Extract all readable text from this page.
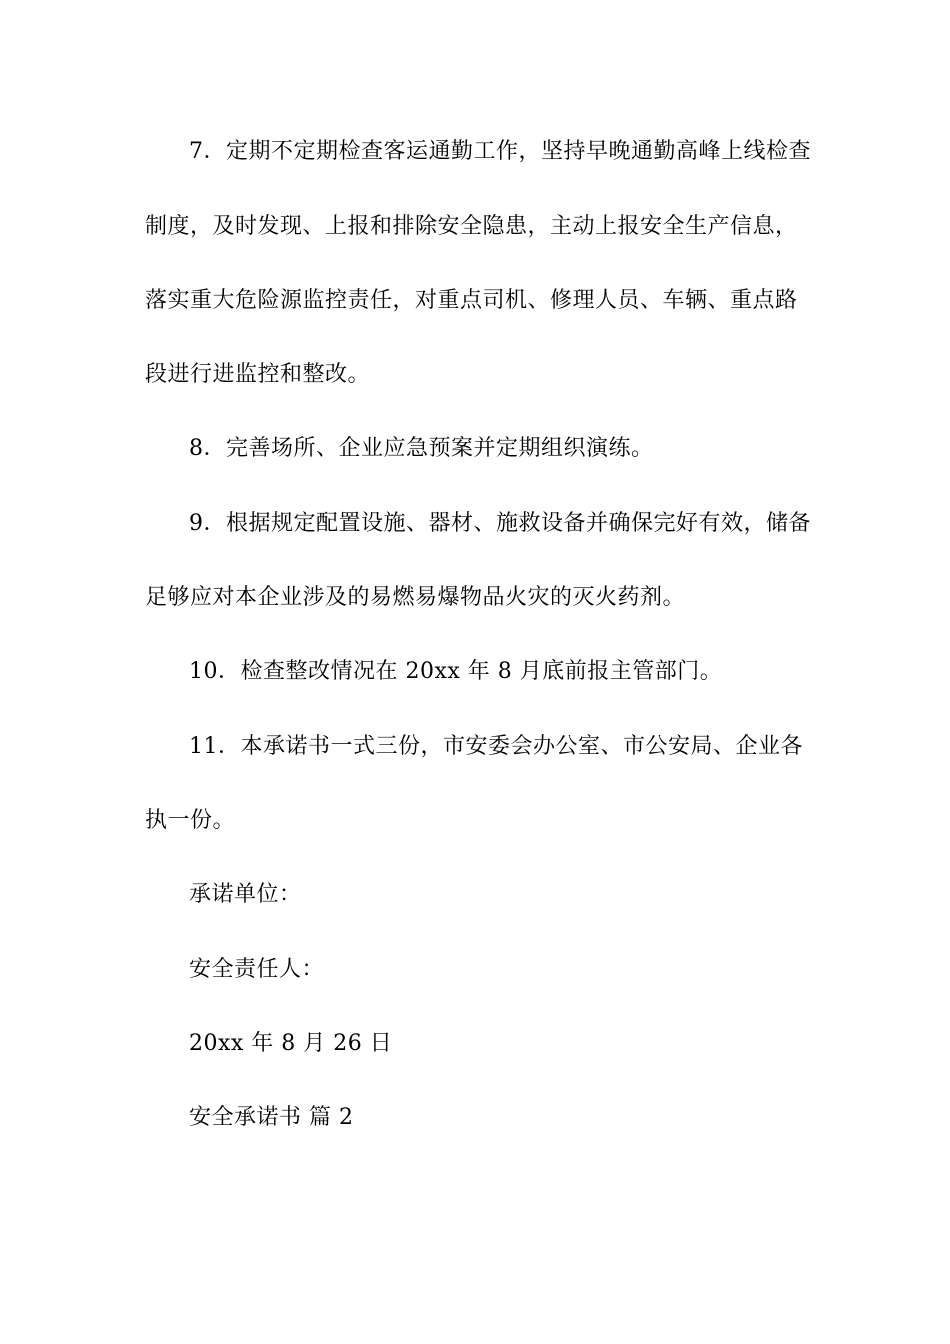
7．定期不定期检查客运通勤工作，坚持早晚通勤高峰上线检查
制度，及时发现、上报和排除安全隐患，主动上报安全生产信息，
落实重大危险源监控责任，对重点司机、修理人员、车辆、重点路
段进行进监控和整改。
8．完善场所、企业应急预案并定期组织演练。
9．根据规定配置设施、器材、施救设备并确保完好有效，储备
足够应对本企业涉及的易燃易爆物品火灾的灭火药剂。
10．检查整改情况在 20xx 年 8 月底前报主管部门。
11．本承诺书一式三份，市安委会办公室、市公安局、企业各
执一份。
承诺单位：
安全责任人：
20xx 年 8 月 26 日
安全承诺书 篇 2
